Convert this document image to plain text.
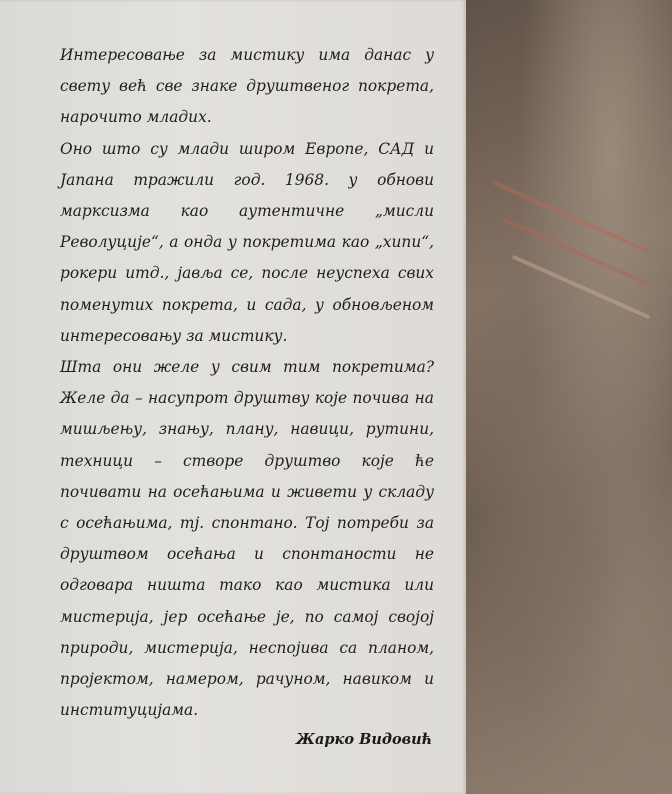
Интересовање за мистику има данас у свету већ све знаке друштвеног покрета, нарочито младих.

Оно што су млади широм Европе, САД и Јапана тражили год. 1968. у обнови марксизма као аутентичне „мисли Револуције“, а онда у покретима као „хипи“, рокери итд., јавља се, после неуспеха свих поменутих покрета, и сада, у обновљеном интересовању за мистику.

Шта они желе у свим тим покретима? Желе да – насупрот друштву које почива на мишљењу, знању, плану, навици, рутини, техници – створе друштво које ће почивати на осећањима и живети у складу с осећањима, тј. спонтано. Тој потреби за друштвом осећања и спонтаности не одговара ништа тако као мистика или мистерија, јер осећање је, по самој својој природи, мистерија, неспојива са планом, пројектом, намером, рачуном, навиком и институцијама.

Жарко Видовић
